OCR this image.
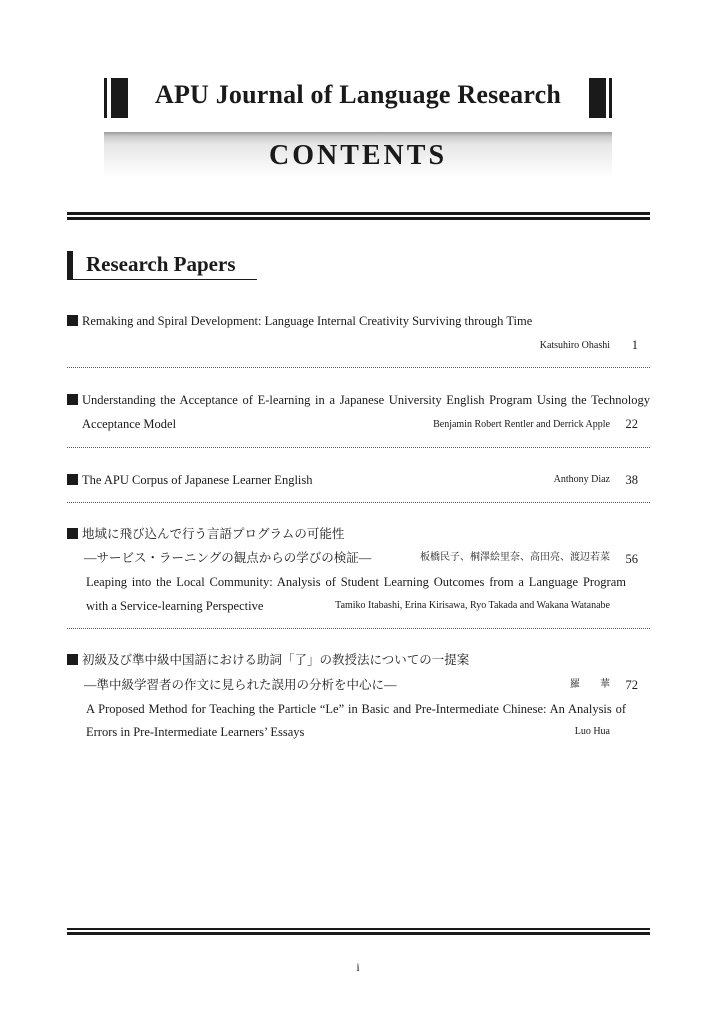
APU Journal of Language Research
CONTENTS
Research Papers
Remaking and Spiral Development: Language Internal Creativity Surviving through Time
Katsuhiro Ohashi	1
Understanding the Acceptance of E-learning in a Japanese University English Program Using the Technology
Acceptance Model	Benjamin Robert Rentler and Derrick Apple	22
The APU Corpus of Japanese Learner English	Anthony Diaz	38
地域に飛び込んで行う言語プログラムの可能性
―サービス・ラーニングの観点からの学びの検証―	板橋民子、桐澤絵里奈、高田亮、渡辺若菜	56
Leaping into the Local Community: Analysis of Student Learning Outcomes from a Language Program
with a Service-learning Perspective	Tamiko Itabashi, Erina Kirisawa, Ryo Takada and Wakana Watanabe
初級及び準中級中国語における助詞「了」の教授法についての一提案
―準中級学習者の作文に見られた誤用の分析を中心に―	羅　　華	72
A Proposed Method for Teaching the Particle “Le” in Basic and Pre-Intermediate Chinese: An Analysis of
Errors in Pre-Intermediate Learners’ Essays	Luo Hua
i
